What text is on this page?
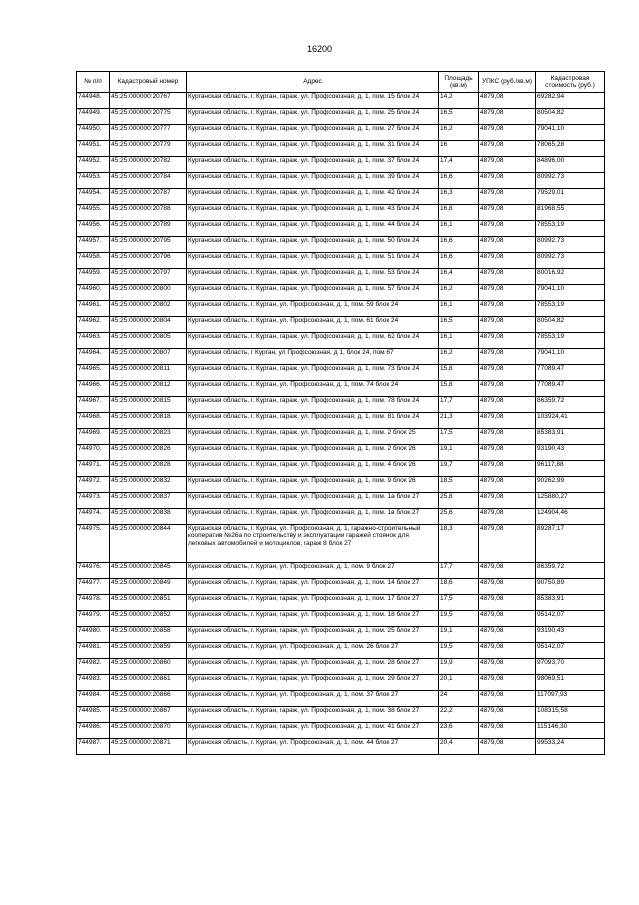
16200
№ п/п	Кадастровый номер	Адрес	Площадь (кв.м)	УПКС (руб./кв.м)	Кадастровая стоимость (руб.)
744948.	45:25:000000:20767	Курганская область, г. Курган, гараж, ул. Профсоюзная, д. 1, пом. 15 блок 24	14,2	4879,08	69282,94
744949.	45:25:000000:20775	Курганская область, г. Курган, гараж, ул. Профсоюзная, д. 1, пом. 25 блок 24	16,5	4879,08	80504,82
744950.	45:25:000000:20777	Курганская область, г. Курган, гараж, ул. Профсоюзная, д. 1, пом. 27 блок 24	16,2	4879,08	79041,10
744951.	45:25:000000:20779	Курганская область, г. Курган, гараж, ул. Профсоюзная, д. 1, пом. 31 блок 24	16	4879,08	78065,28
744952.	45:25:000000:20782	Курганская область, г. Курган, гараж, ул. Профсоюзная, д. 1, пом. 37 блок 24	17,4	4879,08	84896,00
744953.	45:25:000000:20784	Курганская область, г. Курган, гараж, ул. Профсоюзная, д. 1, пом. 39 блок 24	16,6	4879,08	80992,73
744954.	45:25:000000:20787	Курганская область, г. Курган, гараж, ул. Профсоюзная, д. 1, пом. 42 блок 24	16,3	4879,08	79529,01
744955.	45:25:000000:20788	Курганская область, г. Курган, гараж, ул. Профсоюзная, д. 1, пом. 43 блок 24	16,8	4879,08	81968,55
744956.	45:25:000000:20789	Курганская область, г. Курган, гараж, ул. Профсоюзная, д. 1, пом. 44 блок 24	16,1	4879,08	78553,19
744957.	45:25:000000:20795	Курганская область, г. Курган, гараж, ул. Профсоюзная, д. 1, пом. 50 блок 24	16,6	4879,08	80992,73
744958.	45:25:000000:20796	Курганская область, г. Курган, гараж, ул. Профсоюзная, д. 1, пом. 51 блок 24	16,6	4879,08	80992,73
744959.	45:25:000000:20797	Курганская область, г. Курган, гараж, ул. Профсоюзная, д. 1, пом. 53 блок 24	16,4	4879,08	80016,92
744960.	45:25:000000:20800	Курганская область, г. Курган, гараж, ул. Профсоюзная, д. 1, пом. 57 блок 24	16,2	4879,08	79041,10
744961.	45:25:000000:20802	Курганская область, г. Курган, ул. Профсоюзная, д. 1, пом. 59 блок 24	16,1	4879,08	78553,19
744962.	45:25:000000:20804	Курганская область, г. Курган, ул. Профсоюзная, д. 1, пом. 61 блок 24	16,5	4879,08	80504,82
744963.	45:25:000000:20805	Курганская область, г. Курган, гараж, ул. Профсоюзная, д. 1, пом. 62 блок 24	16,1	4879,08	78553,19
744964.	45:25:000000:20807	Курганская область, г Курган, ул Профсоюзная, д 1, блок 24, пом 67	16,2	4879,08	79041,10
744965.	45:25:000000:20811	Курганская область, г. Курган, гараж, ул. Профсоюзная, д. 1, пом. 73 блок 24	15,8	4879,08	77089,47
744966.	45:25:000000:20812	Курганская область, г. Курган, ул. Профсоюзная, д. 1, пом. 74 блок 24	15,8	4879,08	77089,47
744967.	45:25:000000:20815	Курганская область, г. Курган, гараж, ул. Профсоюзная, д. 1, пом. 78 блок 24	17,7	4879,08	86359,72
744968.	45:25:000000:20818	Курганская область, г. Курган, гараж, ул. Профсоюзная, д. 1, пом. 81 блок 24	21,3	4879,08	103924,41
744969.	45:25:000000:20823	Курганская область, г. Курган, гараж, ул. Профсоюзная, д. 1, пом. 2 блок 25	17,5	4879,08	85383,91
744970.	45:25:000000:20826	Курганская область, г. Курган, гараж, ул. Профсоюзная, д. 1, пом. 2 блок 26	19,1	4879,08	93190,43
744971.	45:25:000000:20828	Курганская область, г. Курган, гараж, ул. Профсоюзная, д. 1, пом. 4 блок 26	19,7	4879,08	96117,88
744972.	45:25:000000:20832	Курганская область, г. Курган, гараж, ул. Профсоюзная, д. 1, пом. 9 блок 26	18,5	4879,08	90262,99
744973.	45:25:000000:20837	Курганская область, г. Курган, гараж, ул. Профсоюзная, д. 1, пом. 1а блок 27	25,8	4879,08	125880,27
744974.	45:25:000000:20838	Курганская область, г. Курган, гараж, ул. Профсоюзная, д. 1, пом. 1в блок 27	25,6	4879,08	124904,46
744975.	45:25:000000:20844	Курганская область, г. Курган, ул. Профсоюзная, д. 1, гаражно-строительный кооператив №26а по строительству и эксплуатации гаражей стоянок для легковых автомобилей и мотоциклов, гараж 8 блок 27	18,3	4879,08	89287,17
744976.	45:25:000000:20845	Курганская область, г. Курган, ул. Профсоюзная, д. 1, пом. 9 блок 27	17,7	4879,08	86359,72
744977.	45:25:000000:20849	Курганская область, г. Курган, гараж, ул. Профсоюзная, д. 1, пом. 14 блок 27	18,6	4879,08	90750,89
744978.	45:25:000000:20851	Курганская область, г. Курган, гараж, ул. Профсоюзная, д. 1, пом. 17 блок 27	17,5	4879,08	85383,91
744979.	45:25:000000:20852	Курганская область, г. Курган, гараж, ул. Профсоюзная, д. 1, пом. 18 блок 27	19,5	4879,08	95142,07
744980.	45:25:000000:20858	Курганская область, г. Курган, гараж, ул. Профсоюзная, д. 1, пом. 25 блок 27	19,1	4879,08	93190,43
744981.	45:25:000000:20859	Курганская область, г. Курган, ул. Профсоюзная, д. 1, пом. 26 блок 27	19,5	4879,08	95142,07
744982.	45:25:000000:20860	Курганская область, г. Курган, гараж, ул. Профсоюзная, д. 1, пом. 28 блок 27	19,9	4879,08	97093,70
744983.	45:25:000000:20861	Курганская область, г. Курган, гараж, ул. Профсоюзная, д. 1, пом. 29 блок 27	20,1	4879,08	98069,51
744984.	45:25:000000:20866	Курганская область, г. Курган, ул. Профсоюзная, д. 1, пом. 37 блок 27	24	4879,08	117097,93
744985.	45:25:000000:20867	Курганская область, г. Курган, гараж, ул. Профсоюзная, д. 1, пом. 38 блок 27	22,2	4879,08	108315,58
744986.	45:25:000000:20870	Курганская область, г. Курган, гараж, ул. Профсоюзная, д. 1, пом. 41 блок 27	23,6	4879,08	115146,30
744987.	45:25:000000:20871	Курганская область, г. Курган, ул. Профсоюзная, д. 1, пом. 44 блок 27	20,4	4879,08	99533,24
